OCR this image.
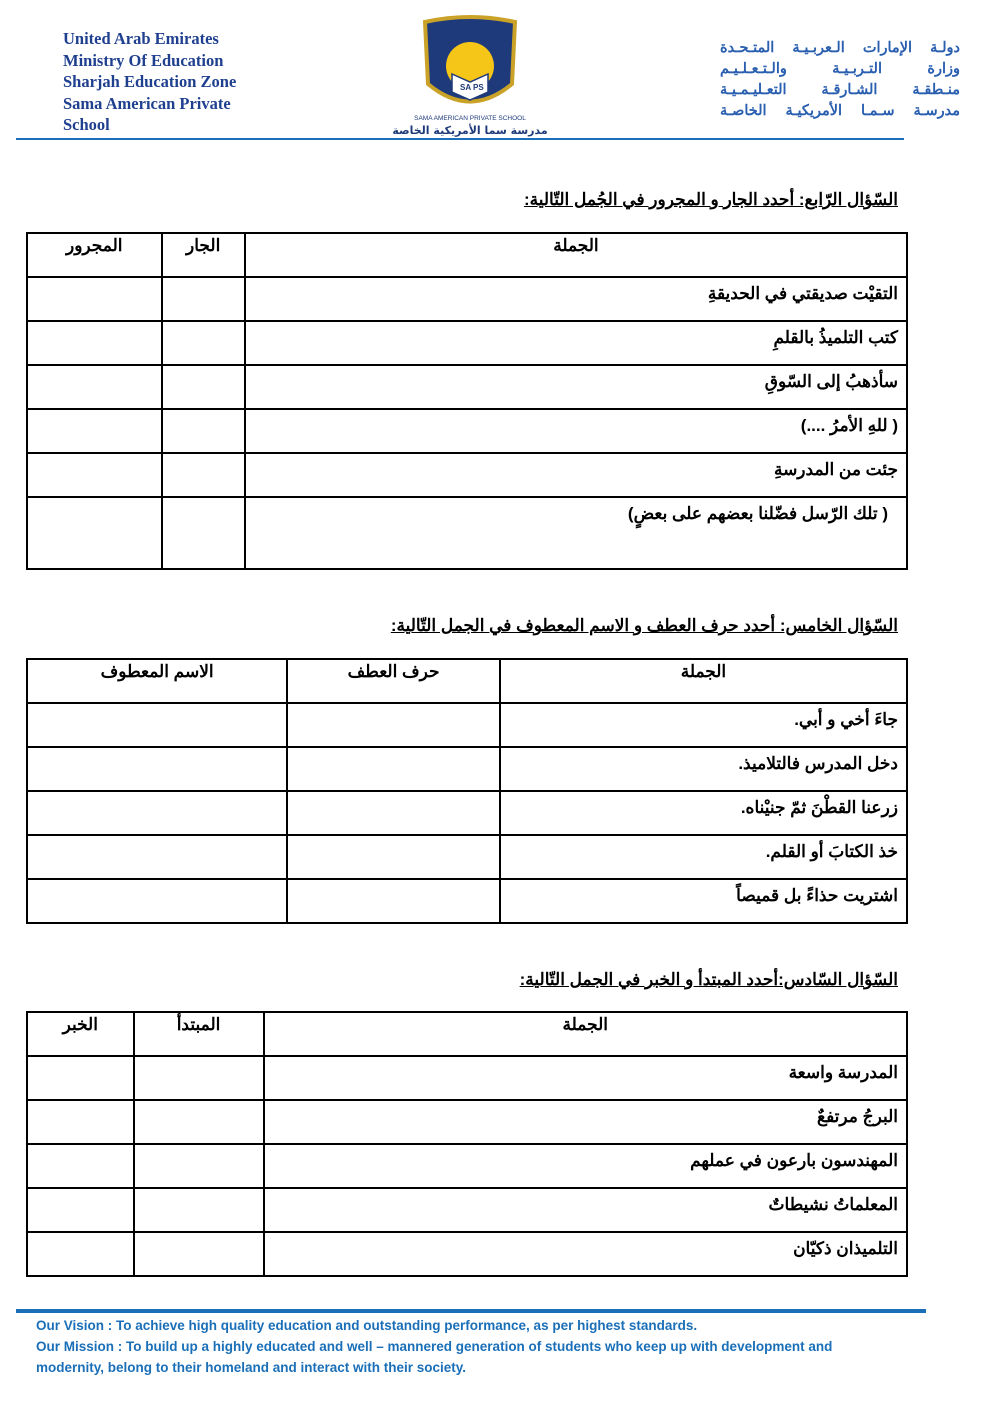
United Arab Emirates
Ministry Of Education
Sharjah Education Zone
Sama American Private
School
SA PS
SAMA AMERICAN PRIVATE SCHOOL
مدرسة سما الأمريكية الخاصة
دولـة الإمارات الـعربـيـة المتـحـدة
وزارة التـربـيـة والـتـعـلـيـم
منـطقـة الشـارقـة التعـليـمـيـة
مدرسـة سـمـا الأمريكيـة الخاصـة
السّؤال الرّابع: أحدد الجار و المجرور في الجُمل التّالية:
الجملة	الجار	المجرور
التقيْت صديقتي في الحديقةِ		
كتب التلميذُ بالقلمِ		
سأذهبُ إلى السّوقِ		
( للهِ الأمرُ ....)		
جئت من المدرسةِ		
( تلك الرّسل فضّلنا بعضهم على بعضٍ)		
السّؤال الخامس: أحدد حرف العطف و الاسم المعطوف في الجمل التّالية:
الجملة	حرف العطف	الاسم المعطوف
جاءَ أخي و أبي.		
دخل المدرس فالتلاميذ.		
زرعنا القطْنَ ثمّ جنيْناه.		
خذ الكتابَ أو القلم.		
اشتريت حذاءً بل قميصاً		
السّؤال السّادس:أحدد المبتدأ و الخبر في الجمل التّالية:
الجملة	المبتدأ	الخبر
المدرسة واسعة		
البرجُ مرتفعٌ		
المهندسون بارعون في عملهم		
المعلماتُ نشيطاتٌ		
التلميذان ذكيّان		
Our Vision : To achieve high quality education and outstanding performance, as per highest standards.
Our Mission : To build up a highly educated and well – mannered generation of students who keep up with development and modernity, belong to their homeland and interact with their society.
